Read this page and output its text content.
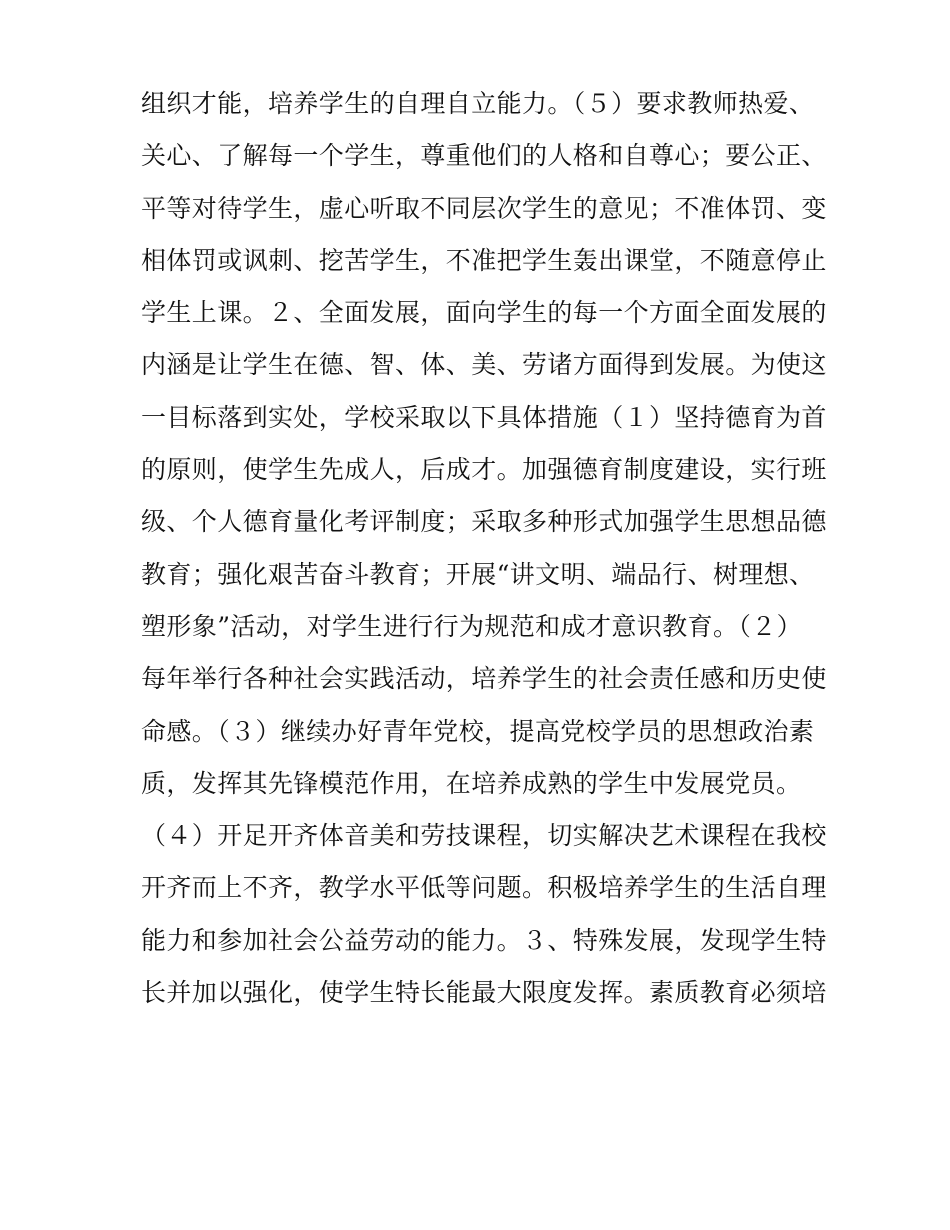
组织才能，培养学生的自理自立能力。（５）要求教师热爱、
关心、了解每一个学生，尊重他们的人格和自尊心；要公正、
平等对待学生，虚心听取不同层次学生的意见；不准体罚、变
相体罚或讽刺、挖苦学生，不准把学生轰出课堂，不随意停止
学生上课。２、全面发展，面向学生的每一个方面全面发展的
内涵是让学生在德、智、体、美、劳诸方面得到发展。为使这
一目标落到实处，学校采取以下具体措施（１）坚持德育为首
的原则，使学生先成人，后成才。加强德育制度建设，实行班
级、个人德育量化考评制度；采取多种形式加强学生思想品德
教育；强化艰苦奋斗教育；开展“讲文明、端品行、树理想、
塑形象”活动，对学生进行行为规范和成才意识教育。（２）
每年举行各种社会实践活动，培养学生的社会责任感和历史使
命感。（３）继续办好青年党校，提高党校学员的思想政治素
质，发挥其先锋模范作用，在培养成熟的学生中发展党员。
（４）开足开齐体音美和劳技课程，切实解决艺术课程在我校
开齐而上不齐，教学水平低等问题。积极培养学生的生活自理
能力和参加社会公益劳动的能力。３、特殊发展，发现学生特
长并加以强化，使学生特长能最大限度发挥。素质教育必须培
